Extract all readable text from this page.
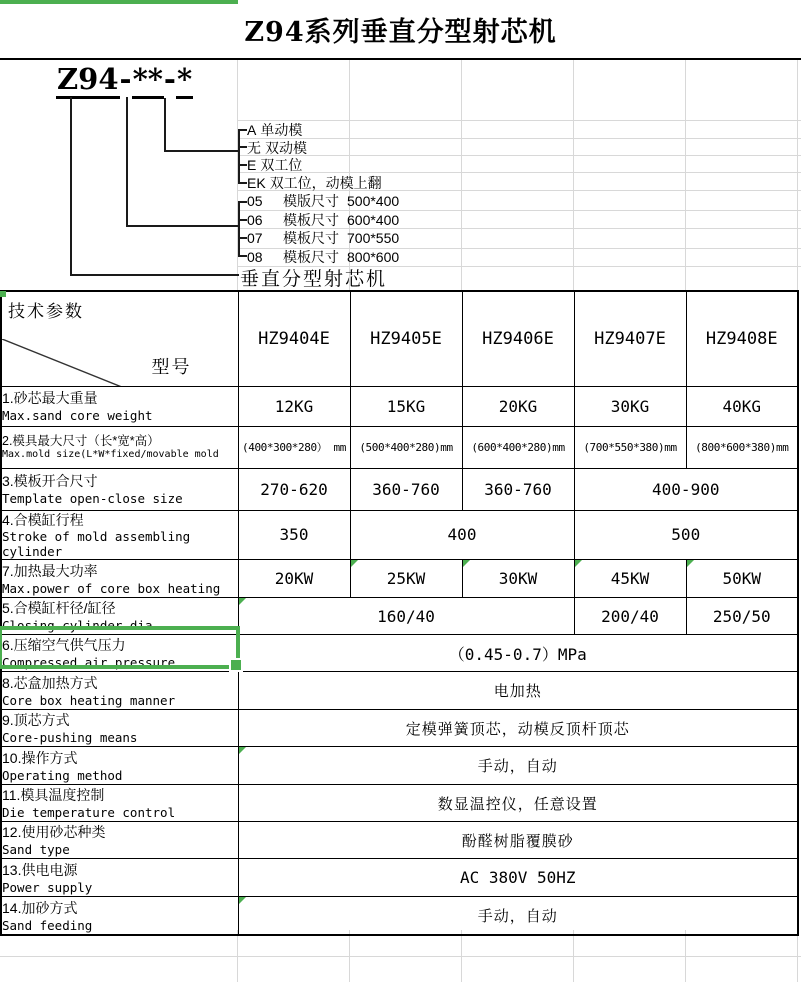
Z94系列垂直分型射芯机
Z94-**-*
A 单动模
无 双动模
E 双工位
EK 双工位，动模上翻
05	模版尺寸 500*400
06	模板尺寸 600*400
07	模板尺寸 700*550
08	模板尺寸 800*600
垂直分型射芯机
型号
技术参数	HZ9404E	HZ9405E	HZ9406E	HZ9407E	HZ9408E

1.砂芯最大重量
Max.sand core weight	12KG	15KG	20KG	30KG	40KG

2.模具最大尺寸（长*宽*高）
Max.mold size(L*W*fixed/movable mold	(400*300*280） mm	(500*400*280)mm	(600*400*280)mm	(700*550*380)mm	(800*600*380)mm

3.模板开合尺寸
Template open-close size	270-620	360-760	360-760	400-900	

4.合模缸行程
Stroke of mold assembling cylinder	350	400		500	

7.加热最大功率
Max.power of core box heating	20KW	25KW	30KW	45KW	50KW

5.合模缸杆径/缸径
Closing cylinder dia	160/40			200/40	250/50

6.压缩空气供气压力
Compressed air pressure	（0.45-0.7）MPa				

8.芯盒加热方式
Core box heating manner	电加热				

9.顶芯方式
Core-pushing means	定模弹簧顶芯，动模反顶杆顶芯				

10.操作方式
Operating method	手动，自动				

11.模具温度控制
Die temperature control	数显温控仪，任意设置				

12.使用砂芯种类
Sand type	酚醛树脂覆膜砂				

13.供电电源
Power supply	AC 380V 50HZ				

14.加砂方式
Sand feeding	手动，自动				
